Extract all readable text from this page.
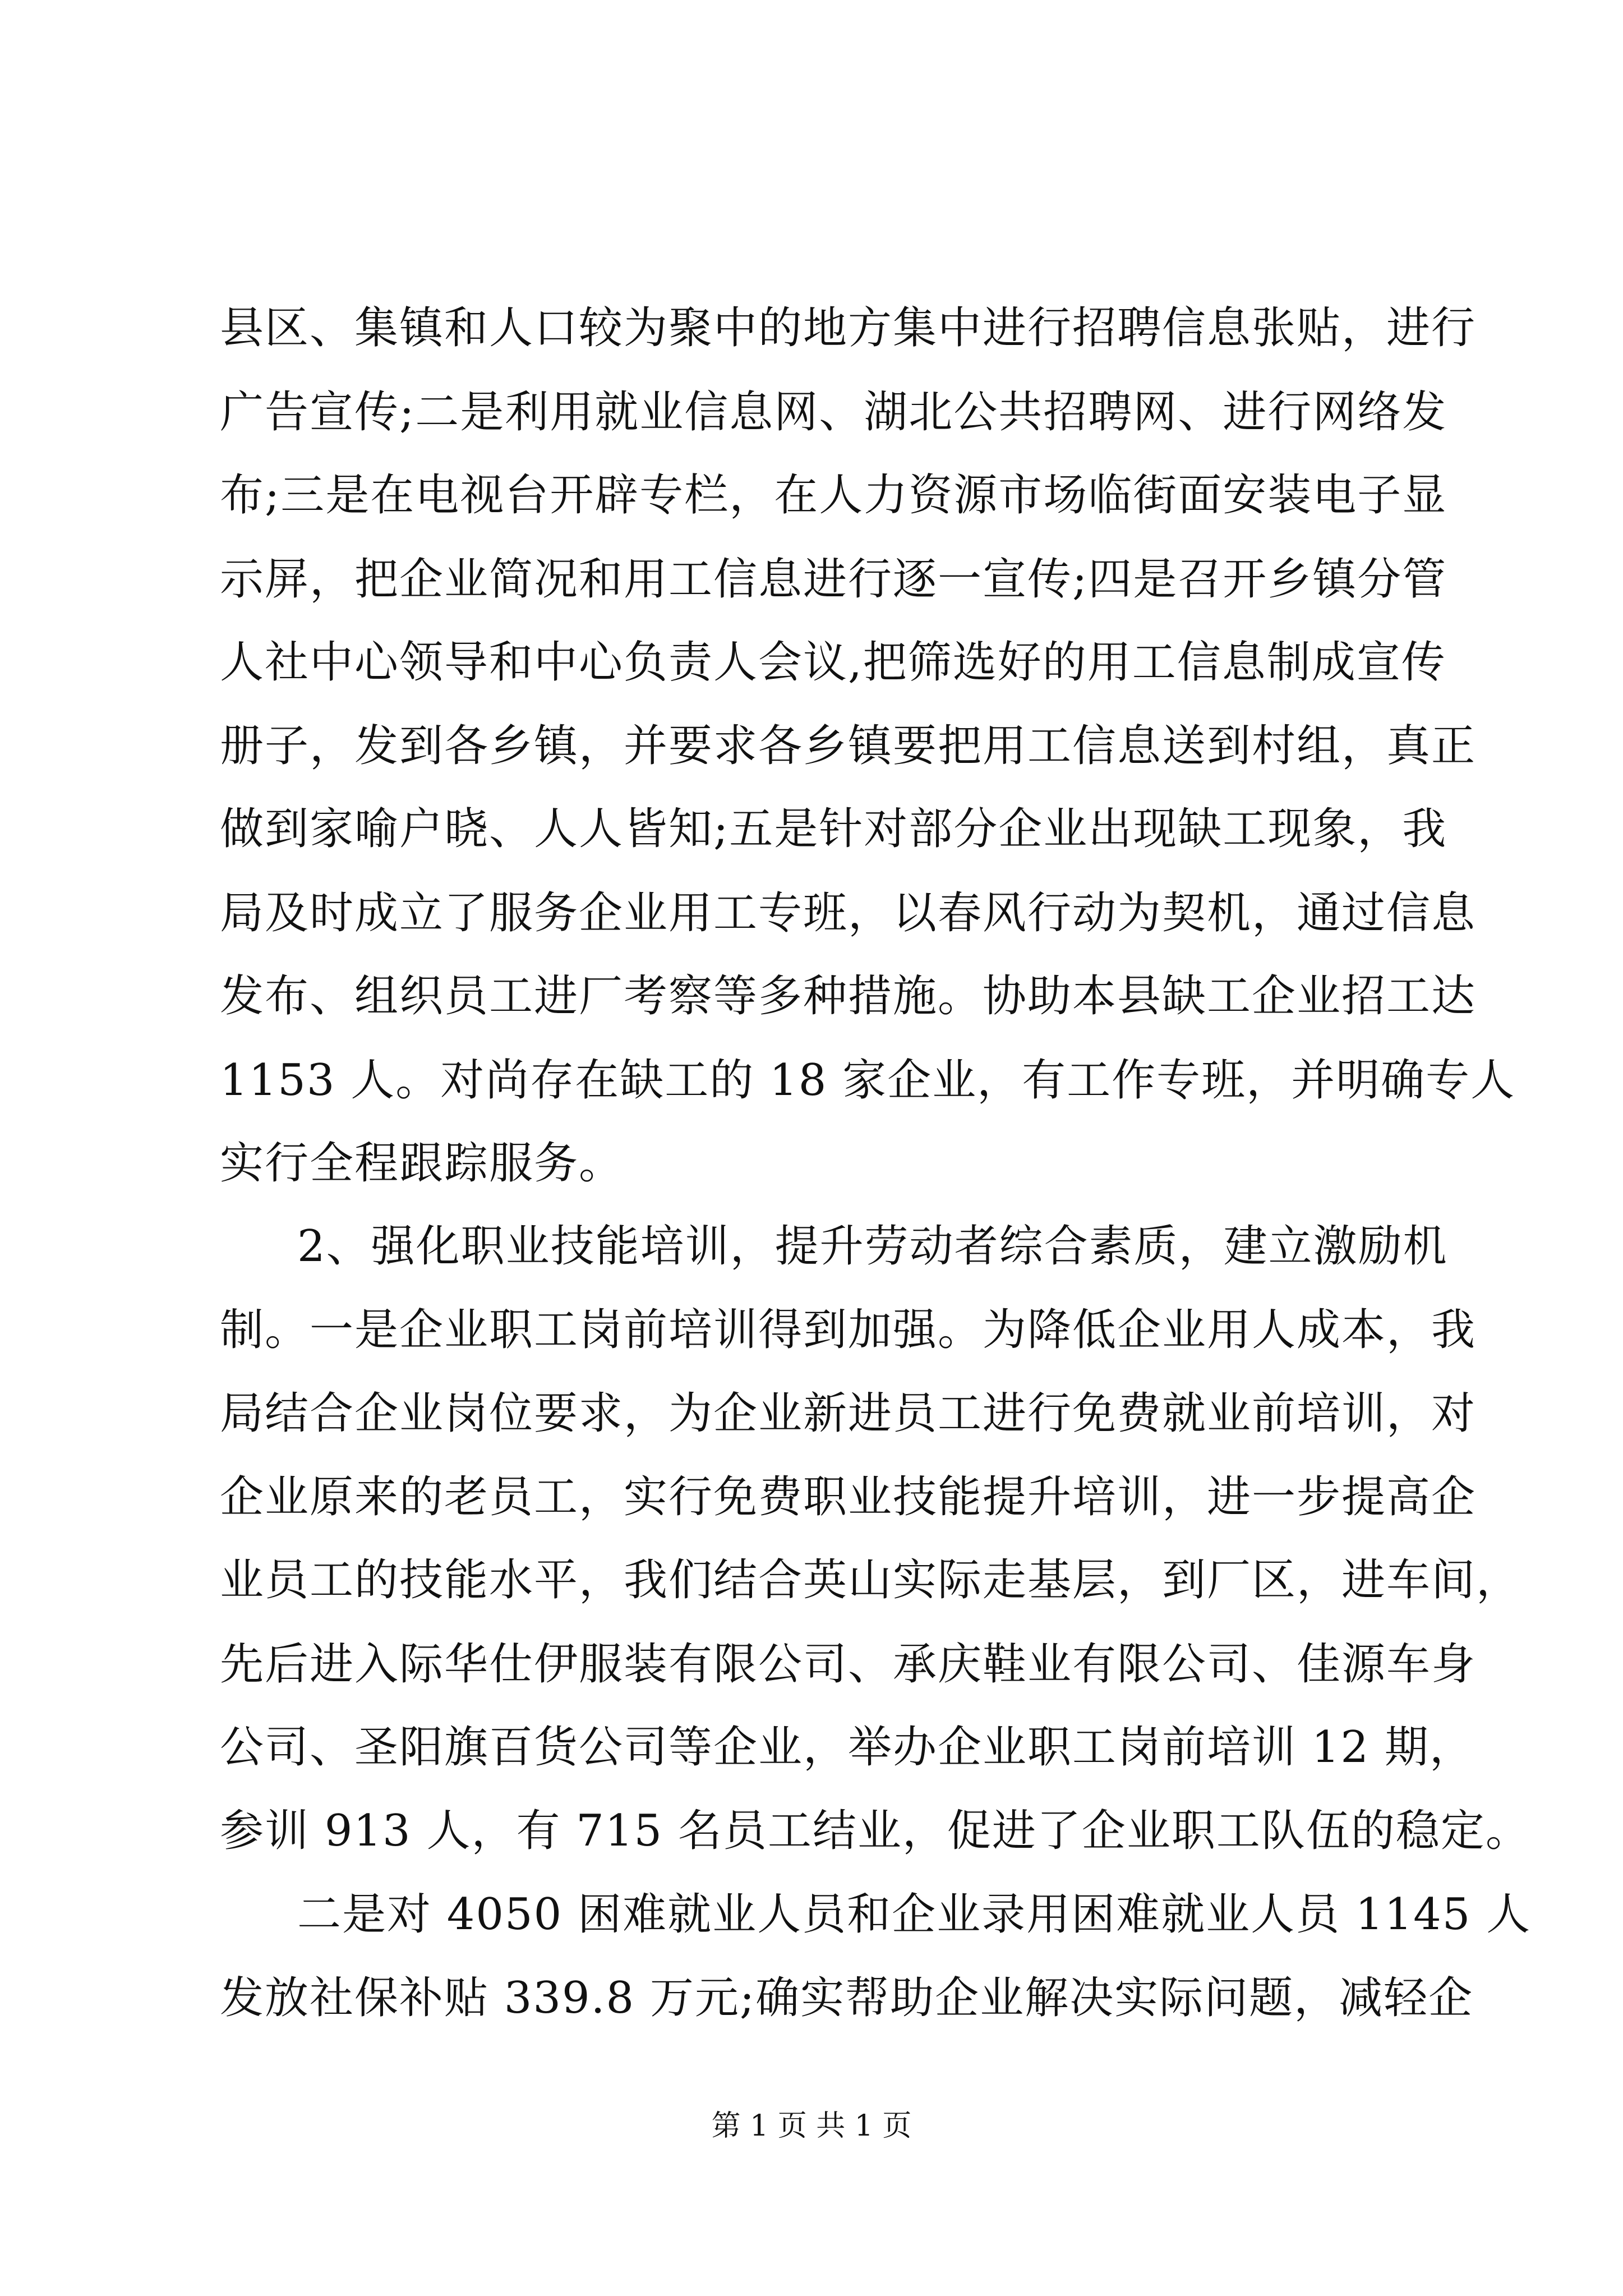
县区、集镇和人口较为聚中的地方集中进行招聘信息张贴，进行
广告宣传;二是利用就业信息网、湖北公共招聘网、进行网络发
布;三是在电视台开辟专栏，在人力资源市场临街面安装电子显
示屏，把企业简况和用工信息进行逐一宣传;四是召开乡镇分管
人社中心领导和中心负责人会议,把筛选好的用工信息制成宣传
册子，发到各乡镇，并要求各乡镇要把用工信息送到村组，真正
做到家喻户晓、人人皆知;五是针对部分企业出现缺工现象，我
局及时成立了服务企业用工专班，以春风行动为契机，通过信息
发布、组织员工进厂考察等多种措施。协助本县缺工企业招工达
1153 人。对尚存在缺工的 18 家企业，有工作专班，并明确专人
实行全程跟踪服务。
2、强化职业技能培训，提升劳动者综合素质，建立激励机
制。一是企业职工岗前培训得到加强。为降低企业用人成本，我
局结合企业岗位要求，为企业新进员工进行免费就业前培训，对
企业原来的老员工，实行免费职业技能提升培训，进一步提高企
业员工的技能水平，我们结合英山实际走基层，到厂区，进车间，
先后进入际华仕伊服装有限公司、承庆鞋业有限公司、佳源车身
公司、圣阳旗百货公司等企业，举办企业职工岗前培训 12 期，
参训 913 人，有 715 名员工结业，促进了企业职工队伍的稳定。
二是对 4050 困难就业人员和企业录用困难就业人员 1145 人
发放社保补贴 339.8 万元;确实帮助企业解决实际问题，减轻企
第 1 页 共 1 页
